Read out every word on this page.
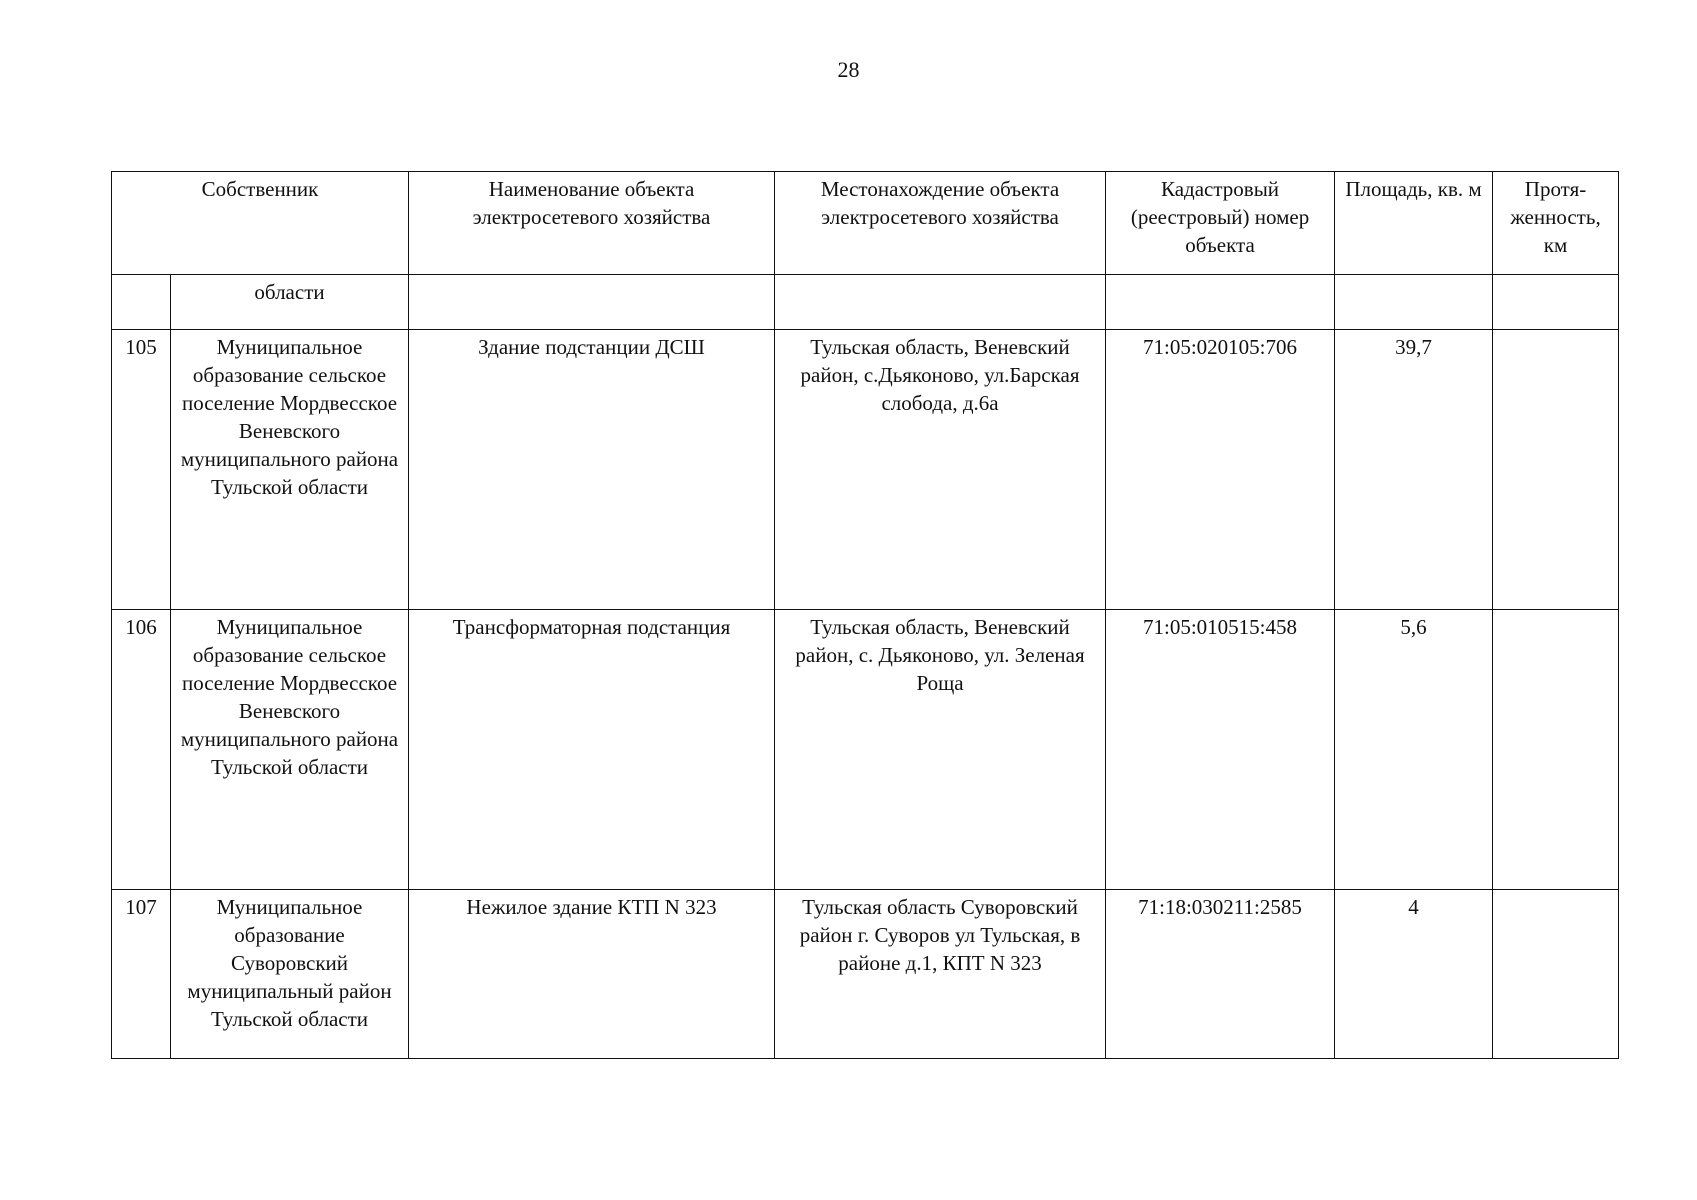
28
Собственник		Наименование объекта электросетевого хозяйства	Местонахождение объекта электросетевого хозяйства	Кадастровый (реестровый) номер объекта	Площадь, кв. м	Протя-женность, км
	области					
105	Муниципальное образование сельское поселение Мордвесское Веневского муниципального района Тульской области	Здание подстанции ДСШ	Тульская область, Веневский район, с.Дьяконово, ул.Барская слобода, д.6а	71:05:020105:706	39,7	
106	Муниципальное образование сельское поселение Мордвесское Веневского муниципального района Тульской области	Трансформаторная подстанция	Тульская область, Веневский район, с. Дьяконово, ул. Зеленая Роща	71:05:010515:458	5,6	
107	Муниципальное образование Суворовский муниципальный район Тульской области	Нежилое здание КТП N 323	Тульская область Суворовский район г. Суворов ул Тульская, в районе д.1, КПТ N 323	71:18:030211:2585	4	
